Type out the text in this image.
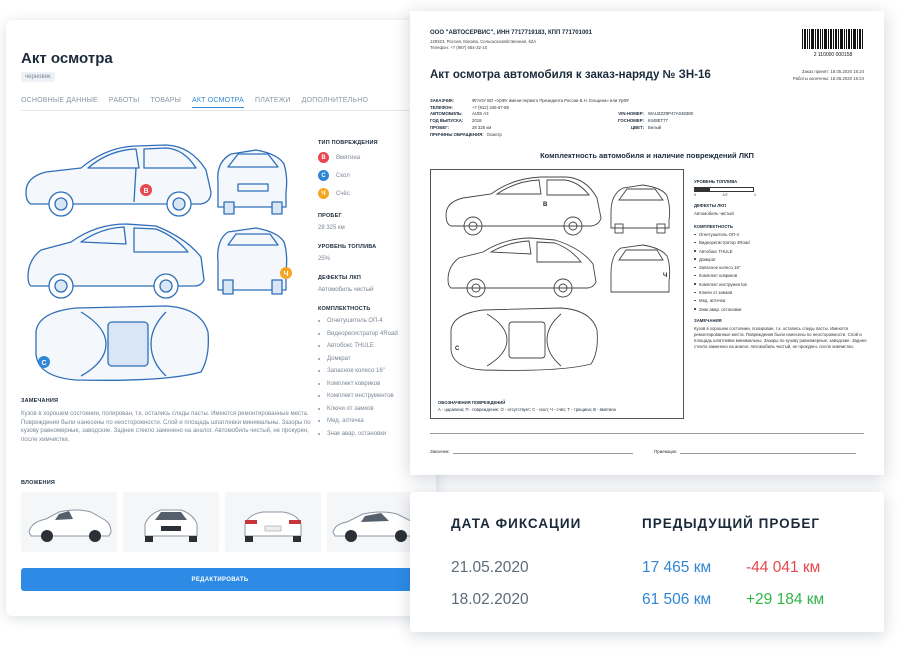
Акт осмотра
черновик
ОСНОВНЫЕ ДАННЫЕ РАБОТЫ ТОВАРЫ АКТ ОСМОТРА ПЛАТЕЖИ ДОПОЛНИТЕЛЬНО
В
Ч
С
ТИП ПОВРЕЖДЕНИЯ
В	Вмятина
С	Скол
Ч	Счёс
ПРОБЕГ
28 325 км
УРОВЕНЬ ТОПЛИВА
25%
ДЕФЕКТЫ ЛКП
Автомобиль чистый
КОМПЛЕКТНОСТЬ
Огнетушитель ОП-4
Видеорегистратор 4Road
Автобокс THULE
Домкрат
Запасное колесо 16"
Комплект ковриков
Комплект инструментов
Ключи от замков
Мед. аптечка
Знак авар. остановки
ЗАМЕЧАНИЯ
Кузов в хорошем состоянии, полирован, т.к. остались следы пасты. Имеются ремонтированные места. Повреждения были нанесены по неосторожности. Слой и площадь шпатлевки минимальны. Зазоры по кузову равномерные, заводские. Заднее стекло заменено на аналог. Автомобиль чистый, не прокурен, после химчистки.
ВЛОЖЕНИЯ
РЕДАКТИРОВАТЬ
ООО "АВТОСЕРВИС", ИНН 7717719183, КПП 771701001
129323, Россия, Москва, Сельскохозяйственная, 62А
Телефон: +7 (987) 654-32-10
2 110000 000158
Акт осмотра автомобиля к заказ-наряду № ЗН-16	Заказ принят: 18.05.2020 16:24
Работы окончены: 18.05.2020 16:24
ЗАКАЗЧИК:	ФГАОУ ВО «УрФУ имени первого Президента России Б.Н. Ельцина» или УрФУ
ТЕЛЕФОН:	+7 (912) 345-67-89
АВТОМОБИЛЬ:	AUDI A3	VIN-НОМЕР: WAUZZZ8P47A048380
ГОД ВЫПУСКА:	2018	ГОСНОМЕР: К448ЕТ77
ПРОБЕГ:	28 325 км	ЦВЕТ: Белый
ПРИЧИНЫ ОБРАЩЕНИЯ: Осмотр
Комплектность автомобиля и наличие повреждений ЛКП
B
Ч
C
ОБОЗНАЧЕНИЯ ПОВРЕЖДЕНИЙ
А - царапина; П - повреждение; О - отсутствует; С - скол; Ч - счёс; Т - трещина; В - вмятина
УРОВЕНЬ ТОПЛИВА
0	1/2	1
ДЕФЕКТЫ ЛКП
Автомобиль чистый
КОМПЛЕКТНОСТЬ
Огнетушитель ОП-4
Видеорегистратор 4Road
Автобокс THULE
Домкрат
Запасное колесо 16"
Комплект ковриков
Комплект инструментов
Ключи от замков
Мед. аптечка
Знак авар. остановки
ЗАМЕЧАНИЯ
Кузов в хорошем состоянии, полирован, т.к. остались следы пасты. Имеются ремонтированные места. Повреждения были нанесены по неосторожности. Слой и площадь шпатлевки минимальны. Зазоры по кузову равномерные, заводские. Заднее стекло заменено на аналог. Автомобиль чистый, не прокурен, после химчистки.
Заказчик:	Приемщик:
ДАТА ФИКСАЦИИ	ПРЕДЫДУЩИЙ ПРОБЕГ
21.05.2020	17 465 км -44 041 км
18.02.2020	61 506 км +29 184 км
